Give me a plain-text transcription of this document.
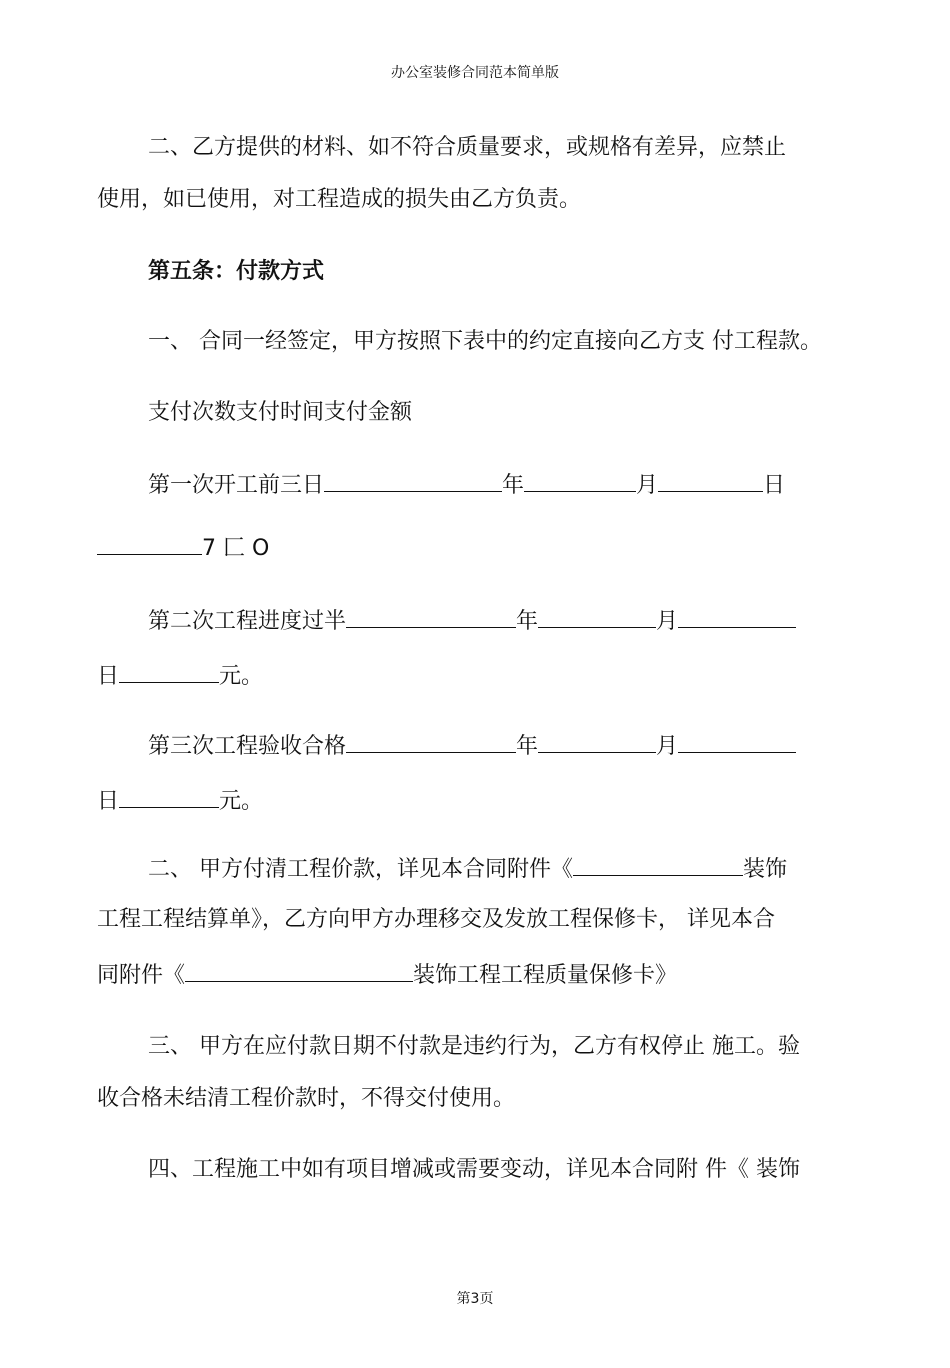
办公室装修合同范本简单版
二、乙方提供的材料、如不符合质量要求，或规格有差异，应禁止
使用，如已使用，对工程造成的损失由乙方负责。
第五条：付款方式
一、 合同一经签定，甲方按照下表中的约定直接向乙方支 付工程款。
支付次数支付时间支付金额
第一次开工前三日	年	月	日
7 匚 O
第二次工程进度过半	年	月
日	元。
第三次工程验收合格	年	月
日	元。
二、 甲方付清工程价款，详见本合同附件《	装饰
工程工程结算单》，乙方向甲方办理移交及发放工程保修卡， 详见本合
同附件《	装饰工程工程质量保修卡》
三、 甲方在应付款日期不付款是违约行为，乙方有权停止 施工。验
收合格未结清工程价款时，不得交付使用。
四、工程施工中如有项目增减或需要变动，详见本合同附 件《 装饰
第3页
